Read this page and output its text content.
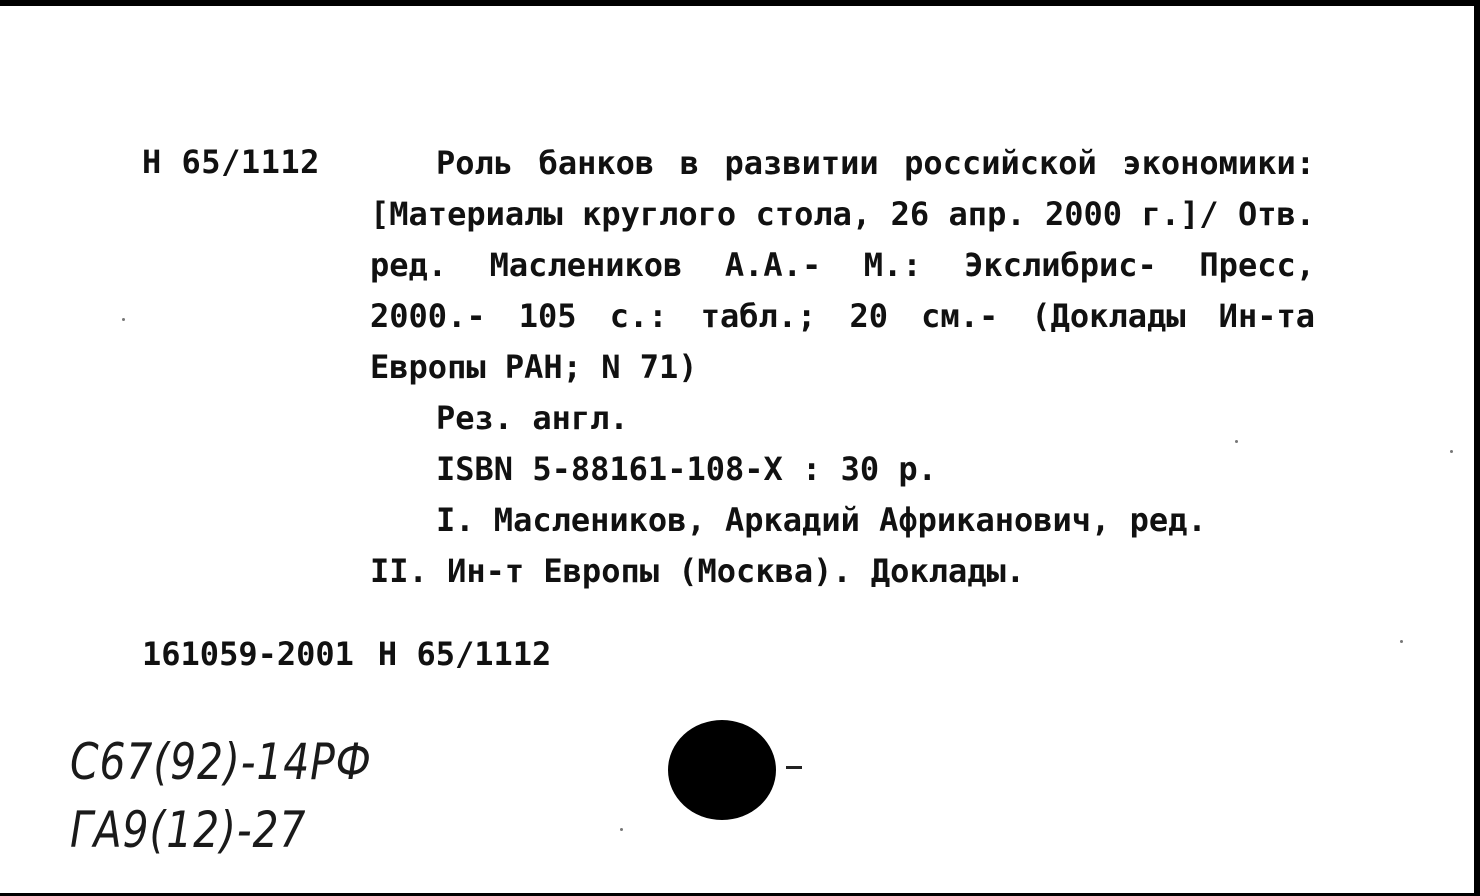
Н 65/1112	Роль банков в развитии российской экономики: [Материалы круглого стола, 26 апр. 2000 г.]/ Отв. ред. Маслеников А.А.- М.: Экслибрис- Пресс, 2000.- 105 с.: табл.; 20 см.- (Доклады Ин-та Европы РАН; N 71)

Рез. англ.

ISBN 5-88161-108-Х : 30 р.

I. Маслеников, Аркадий Африканович, ред.

II. Ин-т Европы (Москва). Доклады.

161059-2001 Н 65/1112
С67(92)-14РФ
ГА9(12)-27
